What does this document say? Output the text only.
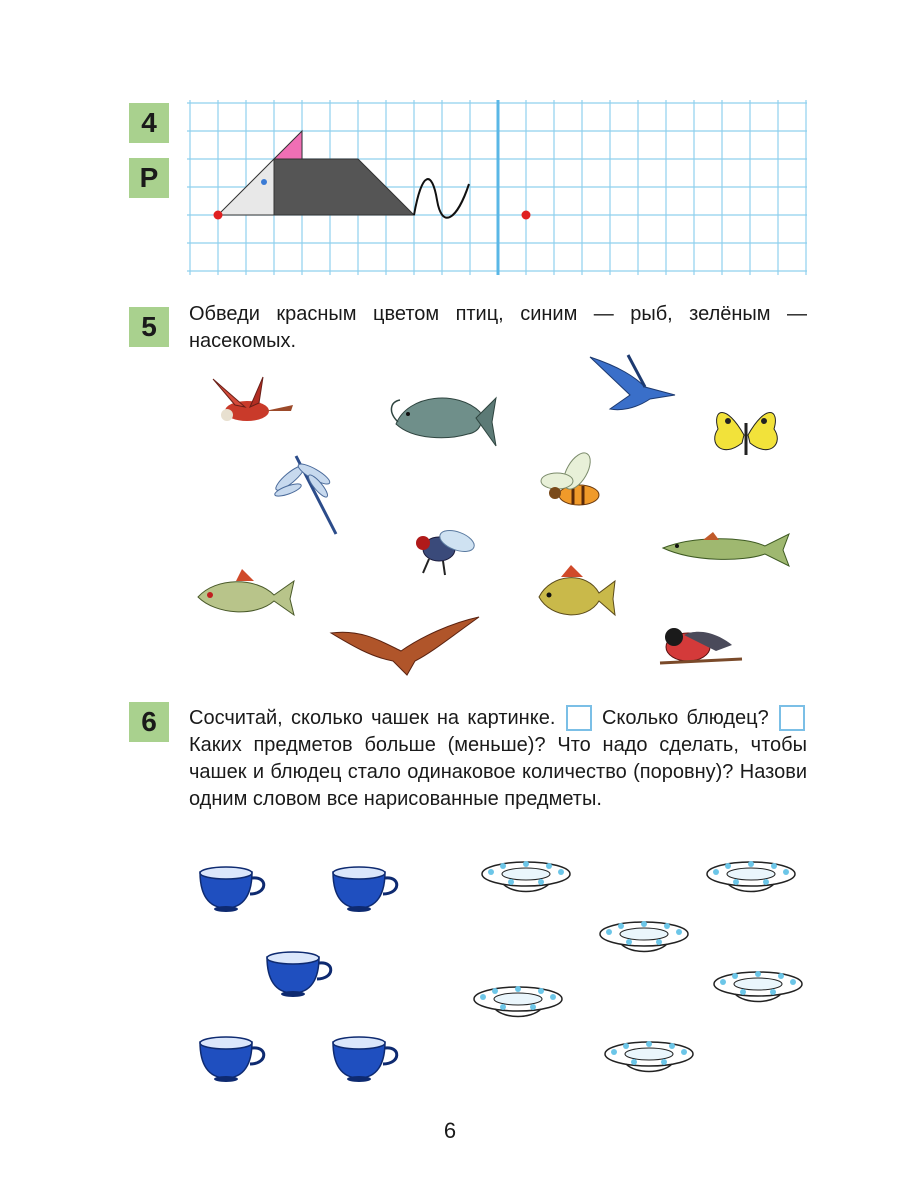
4
Р
5	Обведи красным цветом птиц, синим — рыб, зелёным — насекомых.
6	Сосчитай, сколько чашек на картинке. Сколько блюдец?  Каких предметов больше (меньше)? Что надо сделать, чтобы чашек и блюдец стало одинаковое количество (поровну)? Назови одним словом все нарисованные предметы.
6
